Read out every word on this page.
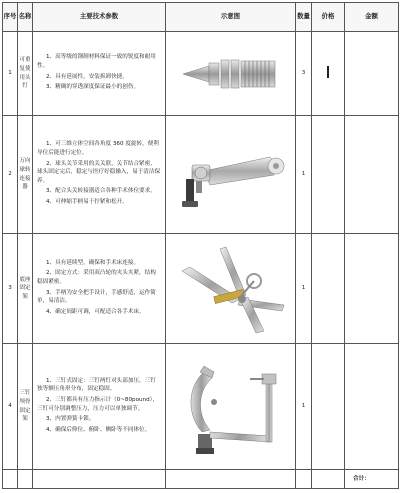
序号	名称	主要技术参数	示意图	数量	价格	金额
1	可重复使用头钉	1、高等级的钢制材料保证一致的锐度和耐用性。

2、具有延展性，安装拆卸快捷。

3、精确的穿透深度保证最小的创伤。		3		
2	万向球转连接器	1、可三维立体空间各角度 360 度旋转，便利导位后能进行定位。

2、球头关节采用的关关联，关节结合紧密，球头固定完后，稳定与医疗好稳操入，易于清洁保养。

3、配合头关转接器适合各种手术体位要求。

4、可伸缩手柄易于拧紧和松开。		1		
3	底座固定架	1、具有延续型，确保和手术床连接。

2、固定方式：采用双凸轮的夹头夹紧，结构稳固紧密。

3、手柄为安全把手设计，手感舒适，运作简单，易清洁。

4、确定间距可调，可配适合各手术床。		1		
4	三钉颅骨固定架	1、三钉式固定：三钉两钉对头部加压，三钉独等额压角形分布，固定稳固。

2、三钉都具有压力指示计（0~80pound），三钉可分别调整压力，压力可以单独调节。

3、内置弹簧卡锁。

4、确保后仰位、俯卧、侧卧等不同体位。		1		
						合计：
